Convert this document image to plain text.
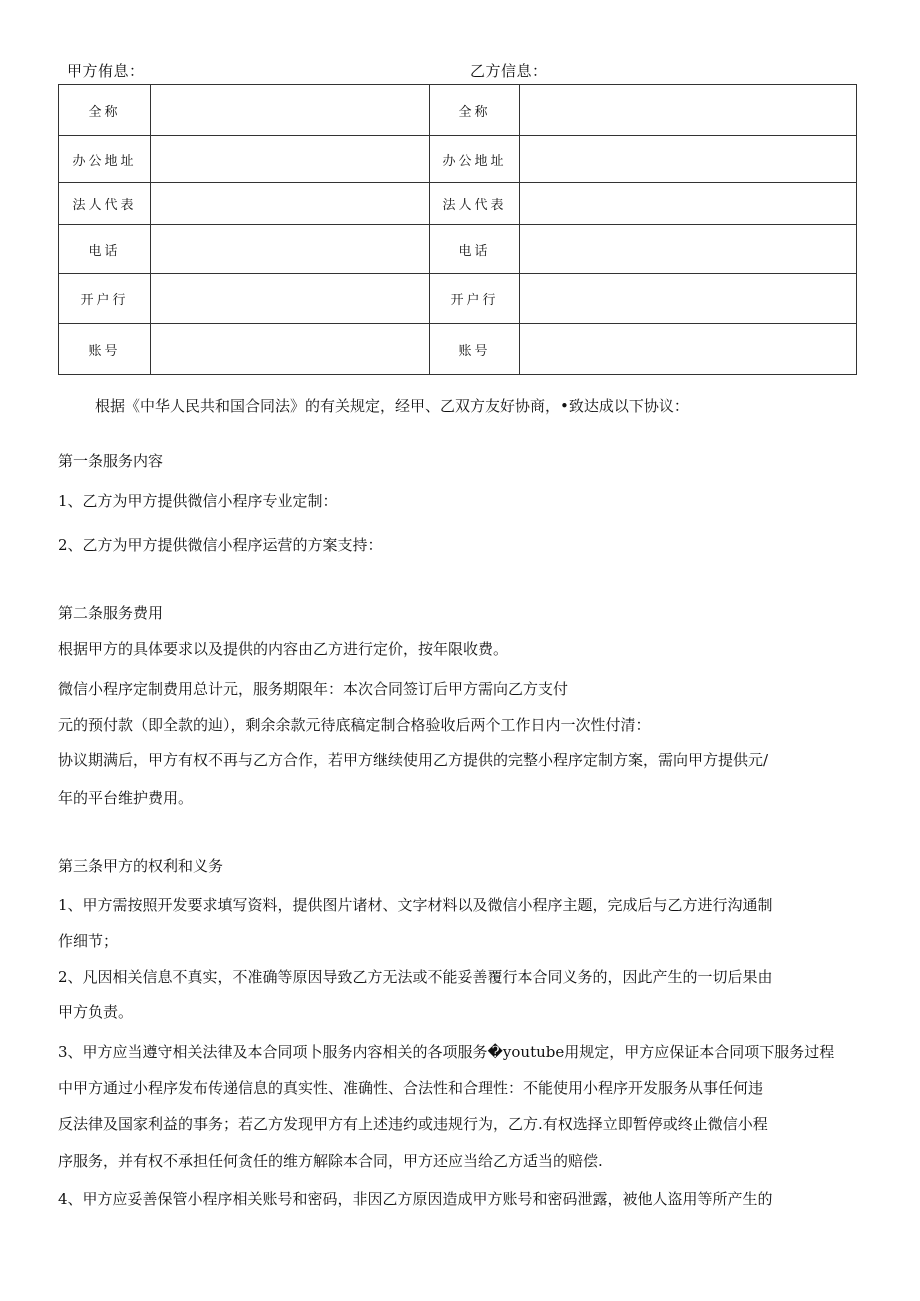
甲方侑息：	乙方信息：
全称		全称	
办公地址		办公地址	
法人代表		法人代表	
电话		电话	
开户行		开户行	
账号		账号	
根据《中华人民共和国合同法》的有关规定，经甲、乙双方友好协商，•致达成以下协议：
第一条服务内容
1、乙方为甲方提供微信小程序专业定制：
2、乙方为甲方提供微信小程序运营的方案支持：
第二条服务费用
根据甲方的具体要求以及提供的内容由乙方进行定价，按年限收费。
微信小程序定制费用总计元，服务期限年：本次合同签订后甲方需向乙方支付
元的预付款（即全款的辿），剩余余款元待底稿定制合格验收后两个工作日内一次性付清：
协议期满后，甲方有权不再与乙方合作，若甲方继续使用乙方提供的完整小程序定制方案，需向甲方提供元/
年的平台维护费用。
第三条甲方的权利和义务
1、甲方需按照开发要求填写资料，提供图片诸材、文字材料以及微信小程序主题，完成后与乙方进行沟通制
作细节；
2、凡因相关信息不真实，不准确等原因导致乙方无法或不能妥善覆行本合同义务的，因此产生的一切后果由
甲方负责。
3、甲方应当遵守相关法律及本合同项卜服务内容相关的各项服务�youtube用规定，甲方应保证本合同项下服务过程
中甲方通过小程序发布传递信息的真实性、准确性、合法性和合理性：不能使用小程序开发服务从事任何违
反法律及国家利益的事务；若乙方发现甲方有上述违约或违规行为，乙方.有权选择立即暂停或终止微信小程
序服务，并有权不承担任何贪任的维方解除本合同，甲方还应当给乙方适当的赔偿.
4、甲方应妥善保管小程序相关账号和密码，非因乙方原因造成甲方账号和密码泄露，被他人盗用等所产生的
